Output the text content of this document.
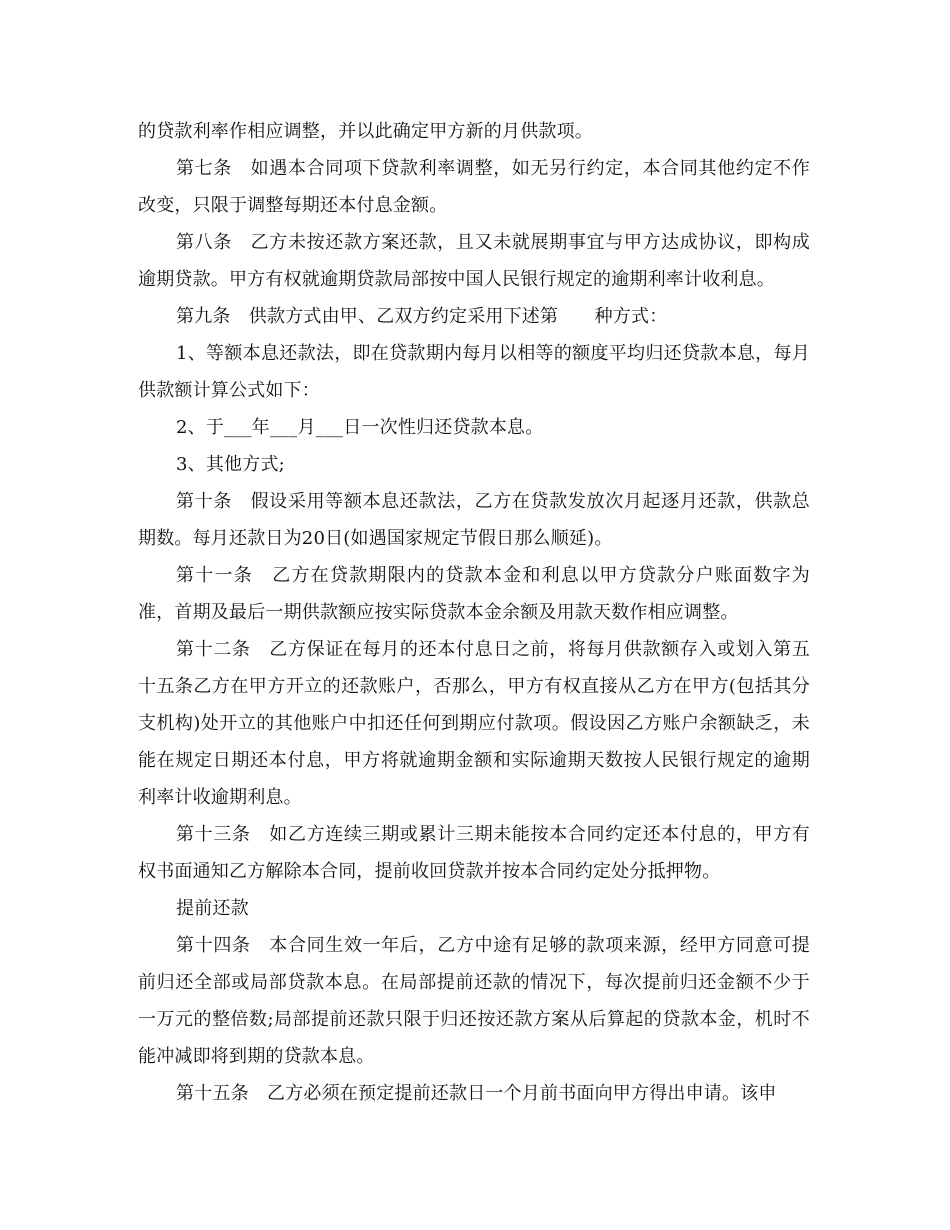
的贷款利率作相应调整，并以此确定甲方新的月供款项。

第七条　如遇本合同项下贷款利率调整，如无另行约定，本合同其他约定不作改变，只限于调整每期还本付息金额。

第八条　乙方未按还款方案还款，且又未就展期事宜与甲方达成协议，即构成逾期贷款。甲方有权就逾期贷款局部按中国人民银行规定的逾期利率计收利息。

第九条　供款方式由甲、乙双方约定采用下述第　　种方式：

1、等额本息还款法，即在贷款期内每月以相等的额度平均归还贷款本息，每月供款额计算公式如下：

2、于___年___月___日一次性归还贷款本息。

3、其他方式;

第十条　假设采用等额本息还款法，乙方在贷款发放次月起逐月还款，供款总期数。每月还款日为20日(如遇国家规定节假日那么顺延)。

第十一条　乙方在贷款期限内的贷款本金和利息以甲方贷款分户账面数字为准，首期及最后一期供款额应按实际贷款本金余额及用款天数作相应调整。

第十二条　乙方保证在每月的还本付息日之前，将每月供款额存入或划入第五十五条乙方在甲方开立的还款账户，否那么，甲方有权直接从乙方在甲方(包括其分支机构)处开立的其他账户中扣还任何到期应付款项。假设因乙方账户余额缺乏，未能在规定日期还本付息，甲方将就逾期金额和实际逾期天数按人民银行规定的逾期利率计收逾期利息。

第十三条　如乙方连续三期或累计三期未能按本合同约定还本付息的，甲方有权书面通知乙方解除本合同，提前收回贷款并按本合同约定处分抵押物。

提前还款

第十四条　本合同生效一年后，乙方中途有足够的款项来源，经甲方同意可提前归还全部或局部贷款本息。在局部提前还款的情况下，每次提前归还金额不少于一万元的整倍数;局部提前还款只限于归还按还款方案从后算起的贷款本金，机时不能冲减即将到期的贷款本息。

第十五条　乙方必须在预定提前还款日一个月前书面向甲方得出申请。该申
